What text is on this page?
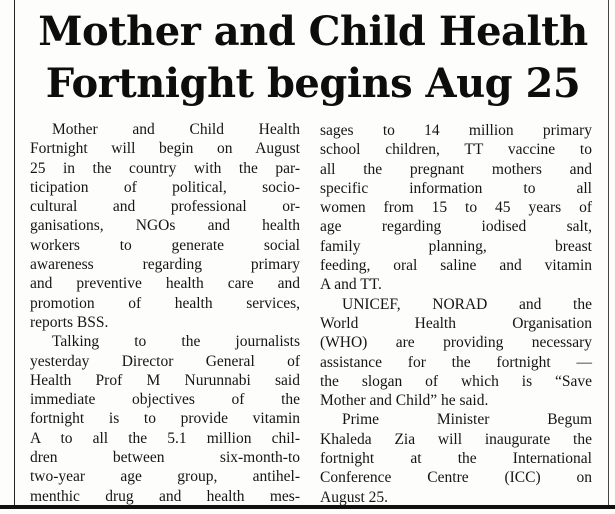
Mother and Child Health
Fortnight begins Aug 25
Mother and Child Health
Fortnight will begin on August
25 in the country with the par-
ticipation of political, socio-
cultural and professional or-
ganisations, NGOs and health
workers to generate social
awareness regarding primary
and preventive health care and
promotion of health services,
reports BSS.
Talking to the journalists
yesterday Director General of
Health Prof M Nurunnabi said
immediate objectives of the
fortnight is to provide vitamin
A to all the 5.1 million chil-
dren between six-month-to
two-year age group, antihel-
menthic drug and health mes-
sages to 14 million primary
school children, TT vaccine to
all the pregnant mothers and
specific information to all
women from 15 to 45 years of
age regarding iodised salt,
family planning, breast
feeding, oral saline and vitamin
A and TT.
UNICEF, NORAD and the
World Health Organisation
(WHO) are providing necessary
assistance for the fortnight —
the slogan of which is “Save
Mother and Child” he said.
Prime Minister Begum
Khaleda Zia will inaugurate the
fortnight at the International
Conference Centre (ICC) on
August 25.
